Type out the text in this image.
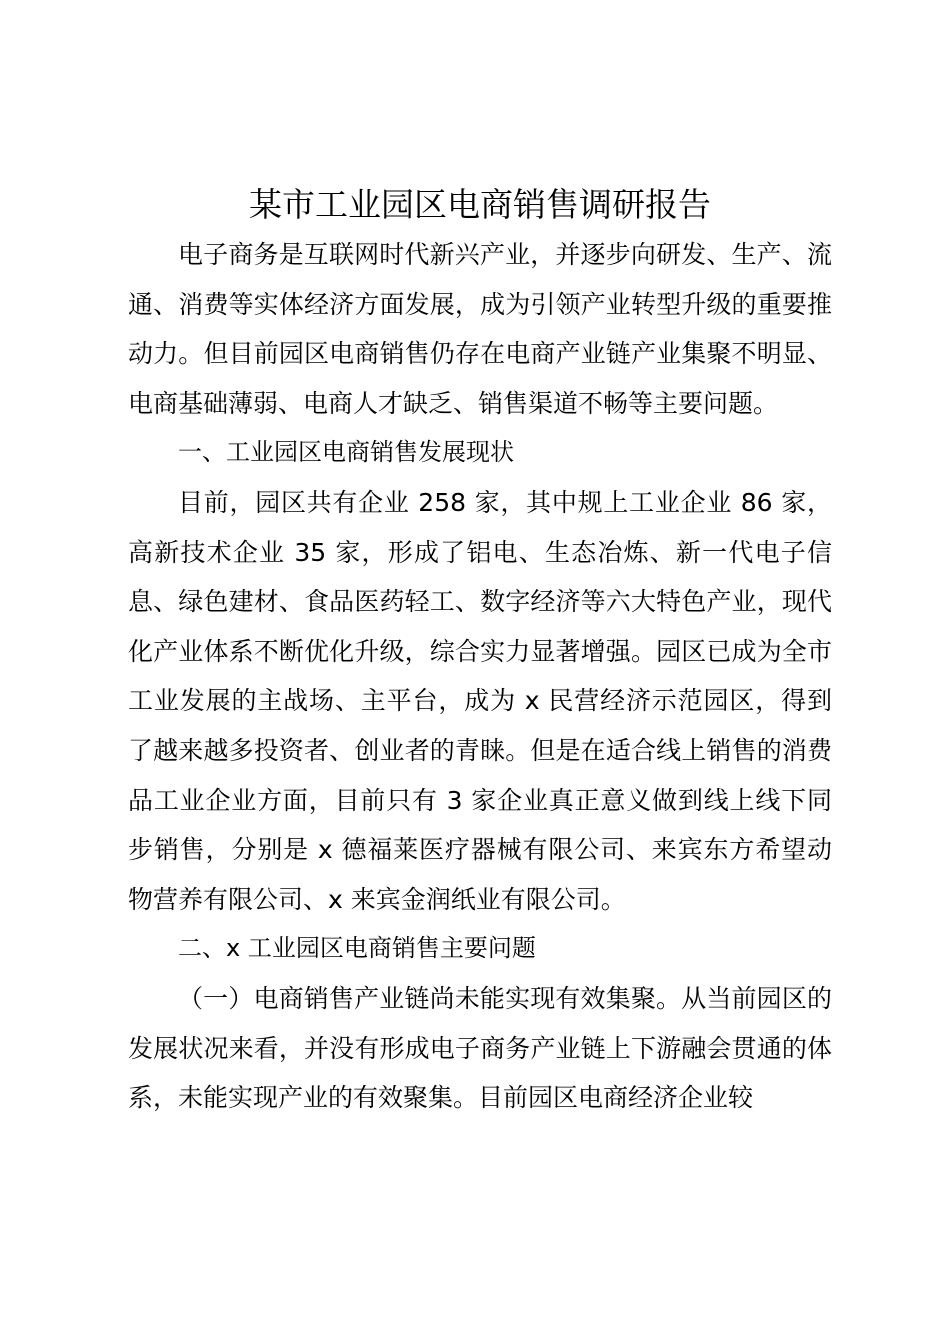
某市工业园区电商销售调研报告

电子商务是互联网时代新兴产业，并逐步向研发、生产、流通、消费等实体经济方面发展，成为引领产业转型升级的重要推动力。但目前园区电商销售仍存在电商产业链产业集聚不明显、电商基础薄弱、电商人才缺乏、销售渠道不畅等主要问题。

一、工业园区电商销售发展现状

目前，园区共有企业 258 家，其中规上工业企业 86 家，高新技术企业 35 家，形成了铝电、生态冶炼、新一代电子信息、绿色建材、食品医药轻工、数字经济等六大特色产业，现代化产业体系不断优化升级，综合实力显著增强。园区已成为全市工业发展的主战场、主平台，成为 x 民营经济示范园区，得到了越来越多投资者、创业者的青睐。但是在适合线上销售的消费品工业企业方面，目前只有 3 家企业真正意义做到线上线下同步销售，分别是 x 德福莱医疗器械有限公司、来宾东方希望动物营养有限公司、x 来宾金润纸业有限公司。

二、x 工业园区电商销售主要问题

（一）电商销售产业链尚未能实现有效集聚。从当前园区的发展状况来看，并没有形成电子商务产业链上下游融会贯通的体系，未能实现产业的有效聚集。目前园区电商经济企业较
